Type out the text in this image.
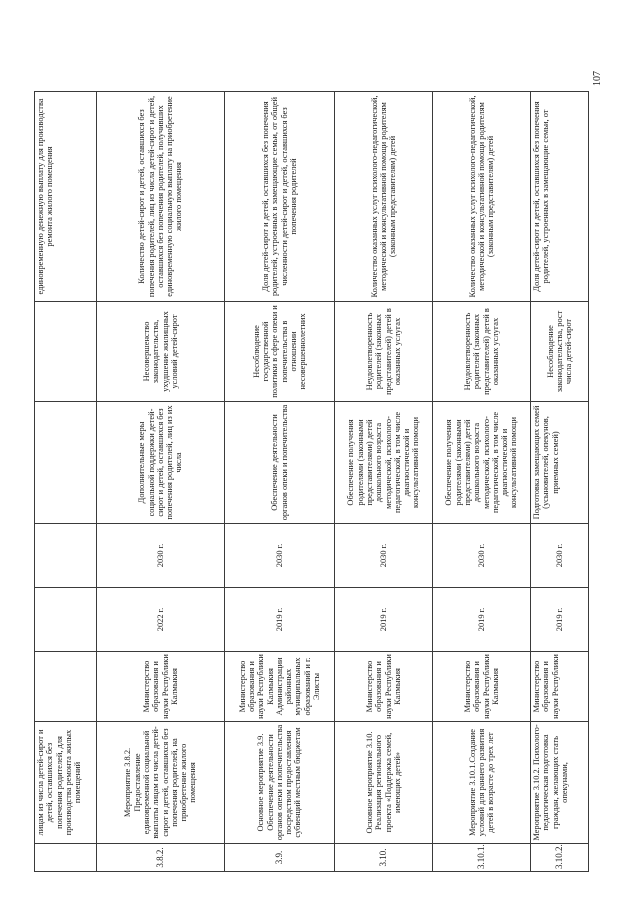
	лицам из числа детей-сирот и детей, оставшихся без попечения родителей, для производства ремонта жилых помещений						единовременную денежную выплату для производства ремонта жилого помещения
3.8.2.	Мероприятие 3.8.2. Предоставление единовременной социальной выплаты лицам из числа детей-сирот и детей, оставшихся без попечения родителей, на приобретение жилого помещения	Министерство образования и науки Республики Калмыкия	2022 г.	2030 г.	Дополнительные меры социальной поддержки детей-сирот и детей, оставшихся без попечения родителей, лиц из их числа	Несовершенство законодательства, ухудшение жилищных условий детей-сирот	Количество детей-сирот и детей, оставшихся без попечения родителей, лиц из числа детей-сирот и детей, оставшихся без попечения родителей, получивших единовременную социальную выплату на приобретение жилого помещения
3.9.	Основное мероприятие 3.9. Обеспечение деятельности органов опеки и попечительства посредством предоставления субвенций местным бюджетам	Министерство образования и науки Республики Калмыкия Администрации районных муниципальных образований и г. Элисты	2019 г.	2030 г.	Обеспечение деятельности органов опеки и попечительства	Несоблюдение государственной политики в сфере опеки и попечительства в отношении несовершеннолетних	Доля детей-сирот и детей, оставшихся без попечения родителей, устроенных в замещающие семьи, от общей численности детей-сирот и детей, оставшихся без попечения родителей
3.10.	Основное мероприятие 3.10. Реализация регионального проекта «Поддержка семей, имеющих детей»	Министерство образования и науки Республики Калмыкия	2019 г.	2030 г.	Обеспечение получения родителями (законными представителями) детей дошкольного возраста методической, психолого-педагогической, в том числе диагностической и консультативной помощи	Неудовлетворенность родителей (законных представителей) детей в оказанных услугах	Количество оказанных услуг психолого-педагогической, методической и консультативной помощи родителям (законным представителям) детей
3.10.1.	Мероприятие 3.10.1.Создание условий для раннего развития детей в возрасте до трех лет	Министерство образования и науки Республики Калмыкия	2019 г.	2030 г.	Обеспечение получения родителями (законными представителями) детей дошкольного возраста методической, психолого-педагогической, в том числе диагностической и консультативной помощи	Неудовлетворенность родителей (законных представителей) детей в оказанных услугах	Количество оказанных услуг психолого-педагогической, методической и консультативной помощи родителям (законным представителям) детей
3.10.2.	Мероприятие 3.10.2. Психолого-педагогическая подготовка граждан, желающих стать опекунами,	Министерство образования и науки Республики	2019 г.	2030 г.	Подготовка замещающих семей (усыновителей, опекунов, приемных семей)	Несоблюдение законодательства, рост числа детей-сирот	Доля детей-сирот и детей, оставшихся без попечения родителей, устроенных в замещающие семьи, от
107
